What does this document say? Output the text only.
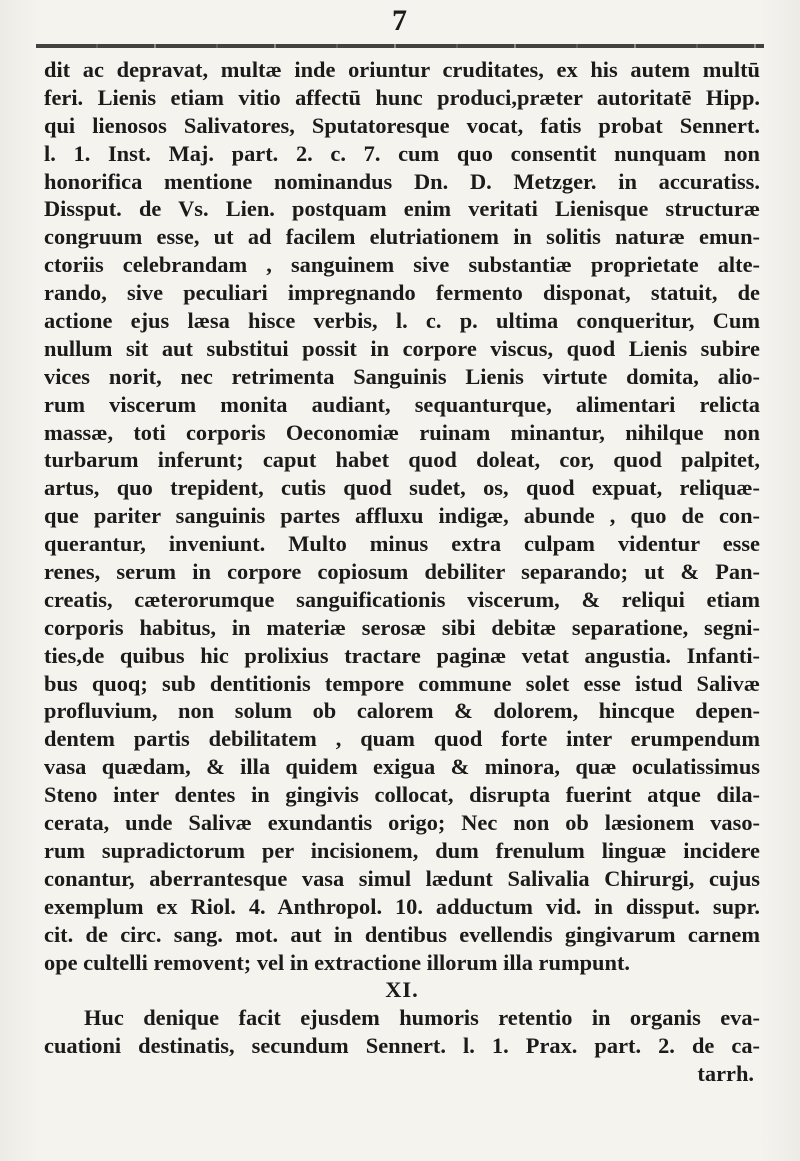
7
dit ac depravat, multæ inde oriuntur cruditates, ex his autem multū
feri. Lienis etiam vitio affectū hunc produci,præter autoritatē Hipp.
qui lienosos Salivatores, Sputatoresque vocat, fatis probat Sennert.
l. 1. Inst. Maj. part. 2. c. 7. cum quo consentit nunquam non
honorifica mentione nominandus Dn. D. Metzger. in accuratiss.
Dissput. de Vs. Lien. postquam enim veritati Lienisque structuræ
congruum esse, ut ad facilem elutriationem in solitis naturæ emun-
ctoriis celebrandam , sanguinem sive substantiæ proprietate alte-
rando, sive peculiari impregnando fermento disponat, statuit, de
actione ejus læsa hisce verbis, l. c. p. ultima conqueritur, Cum
nullum sit aut substitui possit in corpore viscus, quod Lienis subire
vices norit, nec retrimenta Sanguinis Lienis virtute domita, alio-
rum viscerum monita audiant, sequanturque, alimentari relicta
massæ, toti corporis Oeconomiæ ruinam minantur, nihilque non
turbarum inferunt; caput habet quod doleat, cor, quod palpitet,
artus, quo trepident, cutis quod sudet, os, quod expuat, reliquæ-
que pariter sanguinis partes affluxu indigæ, abunde , quo de con-
querantur, inveniunt. Multo minus extra culpam videntur esse
renes, serum in corpore copiosum debiliter separando; ut & Pan-
creatis, cæterorumque sanguificationis viscerum, & reliqui etiam
corporis habitus, in materiæ serosæ sibi debitæ separatione, segni-
ties,de quibus hic prolixius tractare paginæ vetat angustia. Infanti-
bus quoq; sub dentitionis tempore commune solet esse istud Salivæ
profluvium, non solum ob calorem & dolorem, hincque depen-
dentem partis debilitatem , quam quod forte inter erumpendum
vasa quædam, & illa quidem exigua & minora, quæ oculatissimus
Steno inter dentes in gingivis collocat, disrupta fuerint atque dila-
cerata, unde Salivæ exundantis origo; Nec non ob læsionem vaso-
rum supradictorum per incisionem, dum frenulum linguæ incidere
conantur, aberrantesque vasa simul lædunt Salivalia Chirurgi, cujus
exemplum ex Riol. 4. Anthropol. 10. adductum vid. in dissput. supr.
cit. de circ. sang. mot. aut in dentibus evellendis gingivarum carnem
ope cultelli removent; vel in extractione illorum illa rumpunt.
XI.
Huc denique facit ejusdem humoris retentio in organis eva-
cuationi destinatis, secundum Sennert. l. 1. Prax. part. 2. de ca-
tarrh.
